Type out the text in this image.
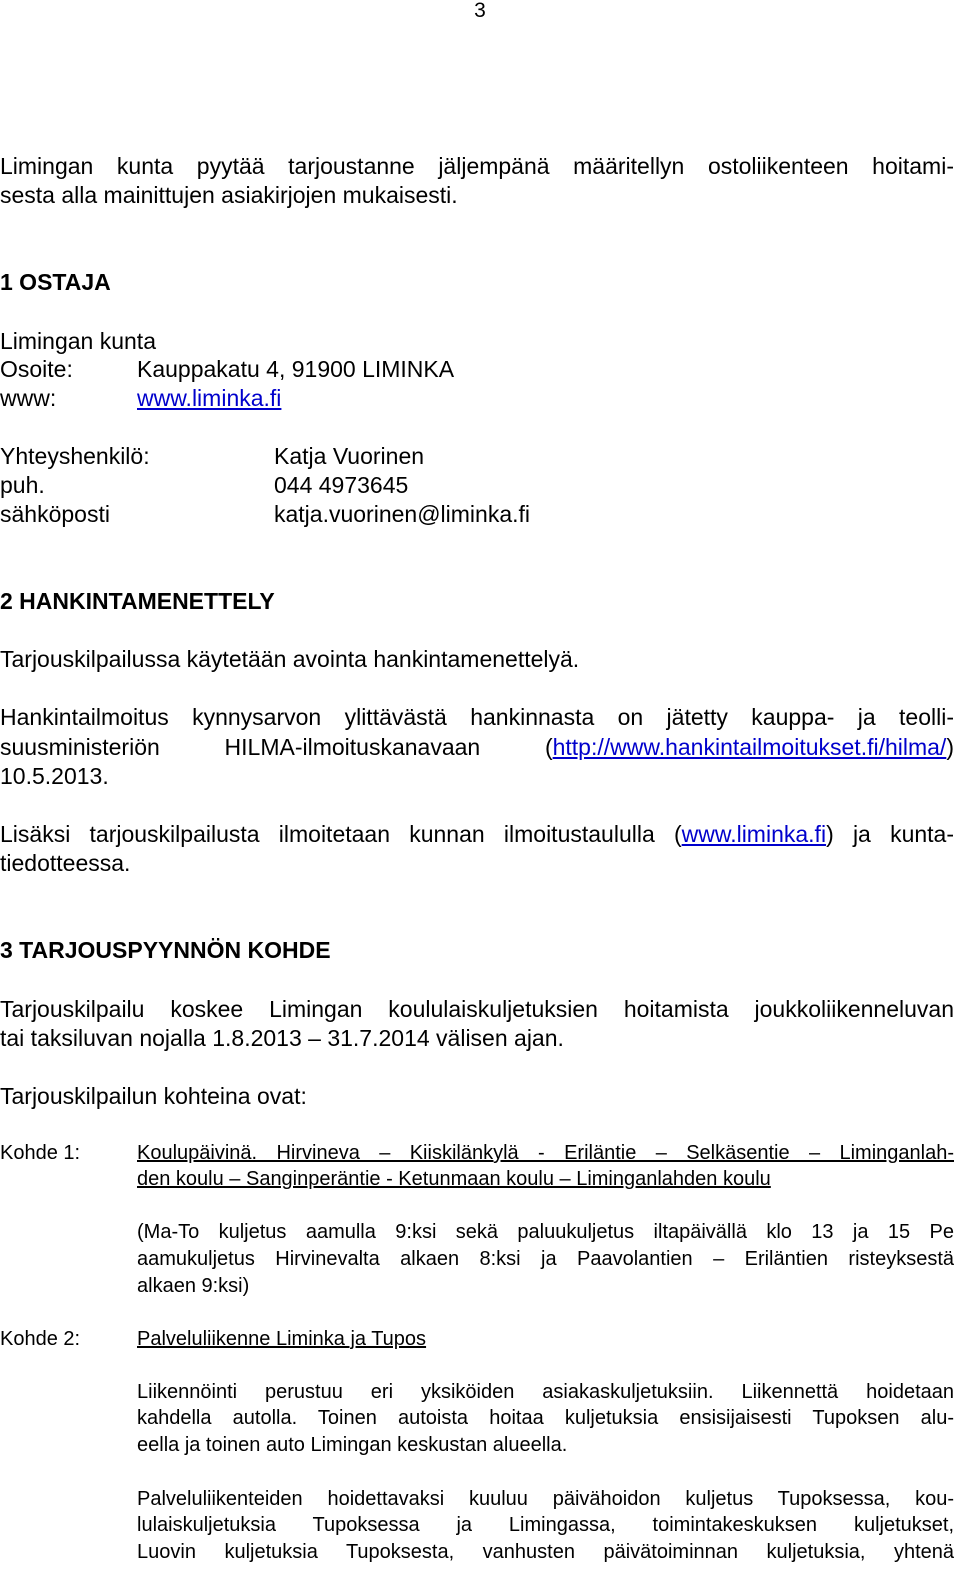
3
Limingan kunta pyytää tarjoustanne jäljempänä määritellyn ostoliikenteen hoitami-
sesta alla mainittujen asiakirjojen mukaisesti.
1 OSTAJA
Limingan kunta
Osoite:	Kauppakatu 4, 91900 LIMINKA
www:	www.liminka.fi
Yhteyshenkilö:	Katja Vuorinen
puh.	044 4973645
sähköposti	katja.vuorinen@liminka.fi
2 HANKINTAMENETTELY
Tarjouskilpailussa käytetään avointa hankintamenettelyä.
Hankintailmoitus kynnysarvon ylittävästä hankinnasta on jätetty kauppa- ja teolli-
suusministeriön HILMA-ilmoituskanavaan (http://www.hankintailmoitukset.fi/hilma/)
10.5.2013.
Lisäksi tarjouskilpailusta ilmoitetaan kunnan ilmoitustaululla (www.liminka.fi) ja kunta-
tiedotteessa.
3 TARJOUSPYYNNÖN KOHDE
Tarjouskilpailu koskee Limingan koululaiskuljetuksien hoitamista joukkoliikenneluvan
tai taksiluvan nojalla 1.8.2013 – 31.7.2014 välisen ajan.
Tarjouskilpailun kohteina ovat:
Kohde 1:	Koulupäivinä. Hirvineva – Kiiskilänkylä - Eriläntie – Selkäsentie – Liminganlah-
den koulu – Sanginperäntie - Ketunmaan koulu – Liminganlahden koulu
(Ma-To kuljetus aamulla 9:ksi sekä paluukuljetus iltapäivällä klo 13 ja 15 Pe
aamukuljetus Hirvinevalta alkaen 8:ksi ja Paavolantien – Eriläntien risteyksestä
alkaen 9:ksi)
Kohde 2:	Palveluliikenne Liminka ja Tupos
Liikennöinti perustuu eri yksiköiden asiakaskuljetuksiin. Liikennettä hoidetaan
kahdella autolla. Toinen autoista hoitaa kuljetuksia ensisijaisesti Tupoksen alu-
eella ja toinen auto Limingan keskustan alueella.
Palveluliikenteiden hoidettavaksi kuuluu päivähoidon kuljetus Tupoksessa, kou-
lulaiskuljetuksia Tupoksessa ja Limingassa, toimintakeskuksen kuljetukset,
Luovin kuljetuksia Tupoksesta, vanhusten päivätoiminnan kuljetuksia, yhtenä
